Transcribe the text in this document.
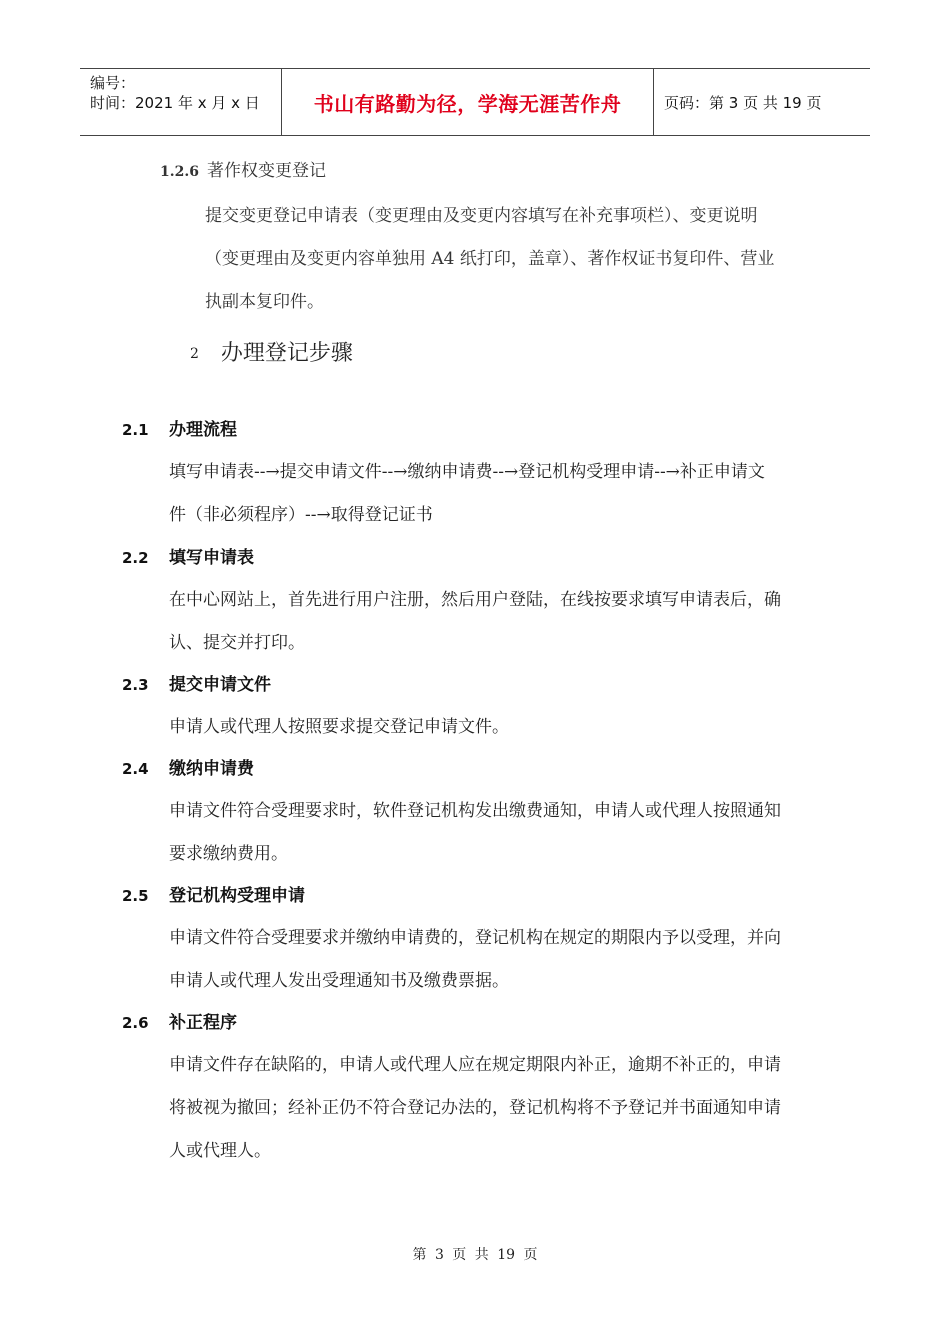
编号：
时间：2021 年 x 月 x 日	书山有路勤为径，学海无涯苦作舟	页码：第 3 页 共 19 页
1.2.6 著作权变更登记
提交变更登记申请表（变更理由及变更内容填写在补充事项栏）、变更说明
（变更理由及变更内容单独用 A4 纸打印，盖章）、著作权证书复印件、营业
执副本复印件。
2 办理登记步骤
2.1	办理流程
填写申请表--→提交申请文件--→缴纳申请费--→登记机构受理申请--→补正申请文
件（非必须程序）--→取得登记证书
2.2	填写申请表
在中心网站上，首先进行用户注册，然后用户登陆，在线按要求填写申请表后，确
认、提交并打印。
2.3	提交申请文件
申请人或代理人按照要求提交登记申请文件。
2.4	缴纳申请费
申请文件符合受理要求时，软件登记机构发出缴费通知，申请人或代理人按照通知
要求缴纳费用。
2.5	登记机构受理申请
申请文件符合受理要求并缴纳申请费的，登记机构在规定的期限内予以受理，并向
申请人或代理人发出受理通知书及缴费票据。
2.6	补正程序
申请文件存在缺陷的，申请人或代理人应在规定期限内补正，逾期不补正的，申请
将被视为撤回；经补正仍不符合登记办法的，登记机构将不予登记并书面通知申请
人或代理人。
第 3 页 共 19 页
